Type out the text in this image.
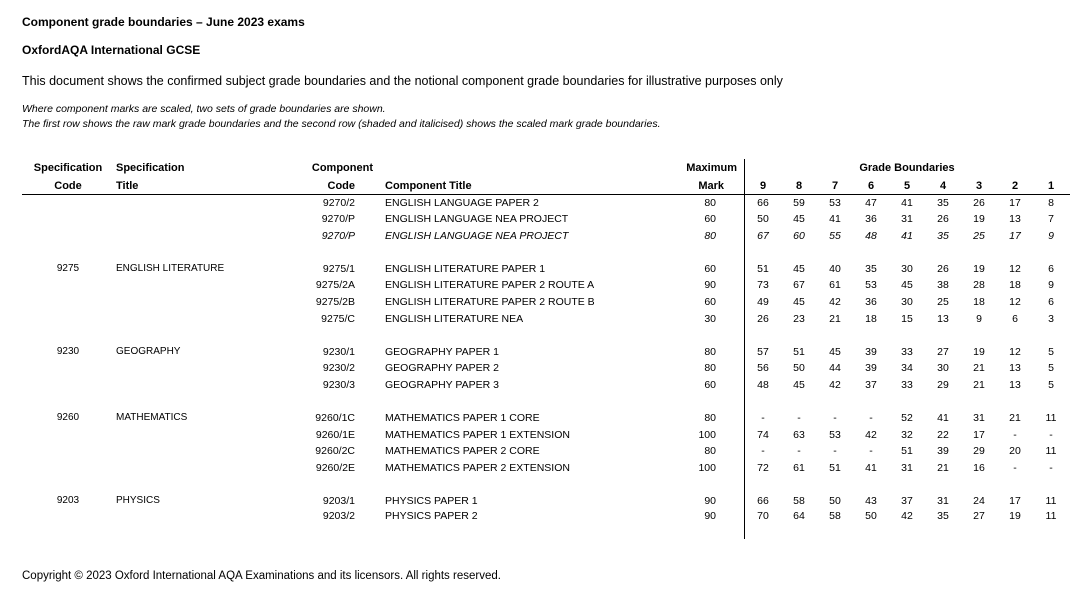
Component grade boundaries – June 2023 exams
OxfordAQA International GCSE
This document shows the confirmed subject grade boundaries and the notional component grade boundaries for illustrative purposes only
Where component marks are scaled, two sets of grade boundaries are shown.
The first row shows the raw mark grade boundaries and the second row (shaded and italicised) shows the scaled mark grade boundaries.
Specification
Code
Specification
Title
Component
Code	Component Title
Maximum
Mark
Grade Boundaries
9	8	7	6	5	4	3	2	1
9270/2	ENGLISH LANGUAGE PAPER 2	80	66	59	53	47	41	35	26	17	8
9270/P	ENGLISH LANGUAGE NEA PROJECT	60	50	45	41	36	31	26	19	13	7
9270/P	ENGLISH LANGUAGE NEA PROJECT	80	67	60	55	48	41	35	25	17	9
9275	ENGLISH LITERATURE	9275/1	ENGLISH LITERATURE PAPER 1	60	51	45	40	35	30	26	19	12	6
9275/2A	ENGLISH LITERATURE PAPER 2 ROUTE A	90	73	67	61	53	45	38	28	18	9
9275/2B	ENGLISH LITERATURE PAPER 2 ROUTE B	60	49	45	42	36	30	25	18	12	6
9275/C	ENGLISH LITERATURE NEA	30	26	23	21	18	15	13	9	6	3
9230	GEOGRAPHY	9230/1	GEOGRAPHY PAPER 1	80	57	51	45	39	33	27	19	12	5
9230/2	GEOGRAPHY PAPER 2	80	56	50	44	39	34	30	21	13	5
9230/3	GEOGRAPHY PAPER 3	60	48	45	42	37	33	29	21	13	5
9260	MATHEMATICS	9260/1C	MATHEMATICS PAPER 1 CORE	80	-	-	-	-	52	41	31	21	11
9260/1E	MATHEMATICS PAPER 1 EXTENSION	100	74	63	53	42	32	22	17	-	-
9260/2C	MATHEMATICS PAPER 2 CORE	80	-	-	-	-	51	39	29	20	11
9260/2E	MATHEMATICS PAPER 2 EXTENSION	100	72	61	51	41	31	21	16	-	-
9203	PHYSICS	9203/1	PHYSICS PAPER 1	90	66	58	50	43	37	31	24	17	11
9203/2	PHYSICS PAPER 2	90	70	64	58	50	42	35	27	19	11
Copyright © 2023 Oxford International AQA Examinations and its licensors. All rights reserved.
